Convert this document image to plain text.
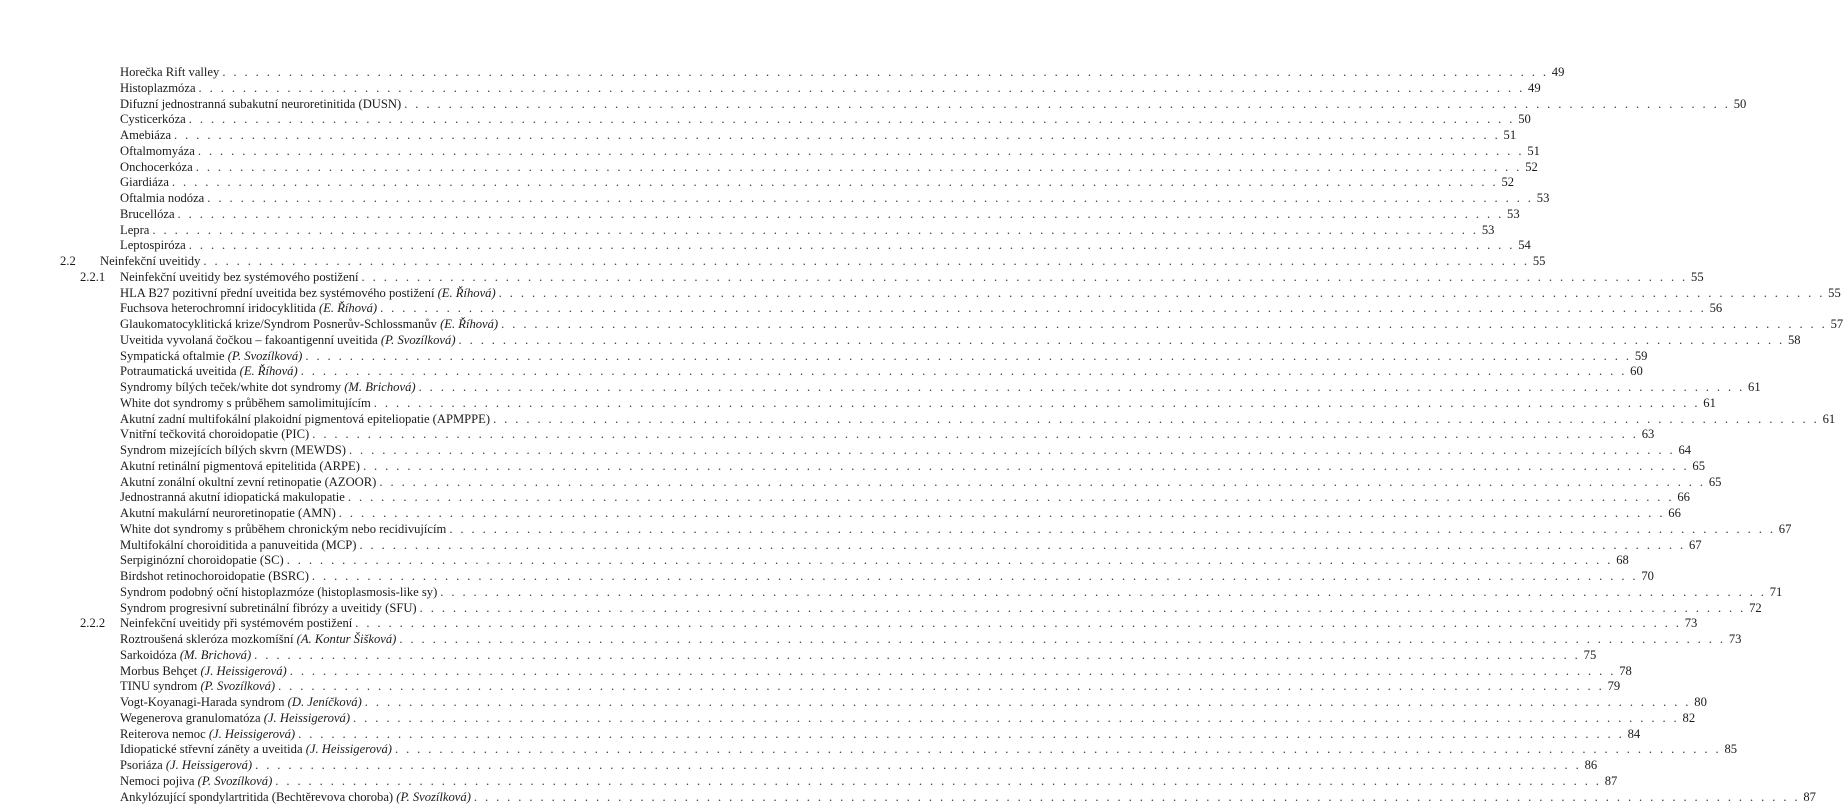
Horečka Rift valley . . . . . . . . . . . . . . . . . . . . . . . . . . . . . . . . . . . . . . . . . . . . . . . . . . . . . . . . . . . . . . . . . . . . . . . . . . . . . . . . . . . . . . . . . . . . . . . . . . . . . . . . . . . . . . . . . . . . . . . . 49
Histoplazmóza . . . . . . . . . . . . . . . . . . . . . . . . . . . . . . . . . . . . . . . . . . . . . . . . . . . . . . . . . . . . . . . . . . . . . . . . . . . . . . . . . . . . . . . . . . . . . . . . . . . . . . . . . . . . . . . . . . . . . . . . 49
Difuzní jednostranná subakutní neuroretinitida (DUSN) . . . . . . . . . . . . . . . . . . . . . . . . . . . . . . . . . . . . . . . . . . . . . . . . . . . . . . . . . . . . . . . . . . . . . . . . . . . . . . . . . . . . . . . . . . . . . . . . . . . . . . . . . . . . . . . . . . . . . . . . 50
Cysticerkóza . . . . . . . . . . . . . . . . . . . . . . . . . . . . . . . . . . . . . . . . . . . . . . . . . . . . . . . . . . . . . . . . . . . . . . . . . . . . . . . . . . . . . . . . . . . . . . . . . . . . . . . . . . . . . . . . . . . . . . . . 50
Amebiáza . . . . . . . . . . . . . . . . . . . . . . . . . . . . . . . . . . . . . . . . . . . . . . . . . . . . . . . . . . . . . . . . . . . . . . . . . . . . . . . . . . . . . . . . . . . . . . . . . . . . . . . . . . . . . . . . . . . . . . . . 51
Oftalmomyáza . . . . . . . . . . . . . . . . . . . . . . . . . . . . . . . . . . . . . . . . . . . . . . . . . . . . . . . . . . . . . . . . . . . . . . . . . . . . . . . . . . . . . . . . . . . . . . . . . . . . . . . . . . . . . . . . . . . . . . . . 51
Onchocerkóza . . . . . . . . . . . . . . . . . . . . . . . . . . . . . . . . . . . . . . . . . . . . . . . . . . . . . . . . . . . . . . . . . . . . . . . . . . . . . . . . . . . . . . . . . . . . . . . . . . . . . . . . . . . . . . . . . . . . . . . . 52
Giardiáza . . . . . . . . . . . . . . . . . . . . . . . . . . . . . . . . . . . . . . . . . . . . . . . . . . . . . . . . . . . . . . . . . . . . . . . . . . . . . . . . . . . . . . . . . . . . . . . . . . . . . . . . . . . . . . . . . . . . . . . . 52
Oftalmia nodóza . . . . . . . . . . . . . . . . . . . . . . . . . . . . . . . . . . . . . . . . . . . . . . . . . . . . . . . . . . . . . . . . . . . . . . . . . . . . . . . . . . . . . . . . . . . . . . . . . . . . . . . . . . . . . . . . . . . . . . . . 53
Brucellóza . . . . . . . . . . . . . . . . . . . . . . . . . . . . . . . . . . . . . . . . . . . . . . . . . . . . . . . . . . . . . . . . . . . . . . . . . . . . . . . . . . . . . . . . . . . . . . . . . . . . . . . . . . . . . . . . . . . . . . . . 53
Lepra . . . . . . . . . . . . . . . . . . . . . . . . . . . . . . . . . . . . . . . . . . . . . . . . . . . . . . . . . . . . . . . . . . . . . . . . . . . . . . . . . . . . . . . . . . . . . . . . . . . . . . . . . . . . . . . . . . . . . . . . 53
Leptospiróza . . . . . . . . . . . . . . . . . . . . . . . . . . . . . . . . . . . . . . . . . . . . . . . . . . . . . . . . . . . . . . . . . . . . . . . . . . . . . . . . . . . . . . . . . . . . . . . . . . . . . . . . . . . . . . . . . . . . . . . . 54
2.2	Neinfekční uveitidy . . . . . . . . . . . . . . . . . . . . . . . . . . . . . . . . . . . . . . . . . . . . . . . . . . . . . . . . . . . . . . . . . . . . . . . . . . . . . . . . . . . . . . . . . . . . . . . . . . . . . . . . . . . . . . . . . . . . . . . . 55
2.2.1	Neinfekční uveitidy bez systémového postižení . . . . . . . . . . . . . . . . . . . . . . . . . . . . . . . . . . . . . . . . . . . . . . . . . . . . . . . . . . . . . . . . . . . . . . . . . . . . . . . . . . . . . . . . . . . . . . . . . . . . . . . . . . . . . . . . . . . . . . . . 55
HLA B27 pozitivní přední uveitida bez systémového postižení (E. Říhová) . . . . . . . . . . . . . . . . . . . . . . . . . . . . . . . . . . . . . . . . . . . . . . . . . . . . . . . . . . . . . . . . . . . . . . . . . . . . . . . . . . . . . . . . . . . . . . . . . . . . . . . . . . . . . . . . . . . . . . . . 55
Fuchsova heterochromní iridocyklitida (E. Říhová) . . . . . . . . . . . . . . . . . . . . . . . . . . . . . . . . . . . . . . . . . . . . . . . . . . . . . . . . . . . . . . . . . . . . . . . . . . . . . . . . . . . . . . . . . . . . . . . . . . . . . . . . . . . . . . . . . . . . . . . . 56
Glaukomatocyklitická krize/Syndrom Posnerův-Schlossmanův (E. Říhová) . . . . . . . . . . . . . . . . . . . . . . . . . . . . . . . . . . . . . . . . . . . . . . . . . . . . . . . . . . . . . . . . . . . . . . . . . . . . . . . . . . . . . . . . . . . . . . . . . . . . . . . . . . . . . . . . . . . . . . . . 57
Uveitida vyvolaná čočkou – fakoantigenní uveitida (P. Svozílková) . . . . . . . . . . . . . . . . . . . . . . . . . . . . . . . . . . . . . . . . . . . . . . . . . . . . . . . . . . . . . . . . . . . . . . . . . . . . . . . . . . . . . . . . . . . . . . . . . . . . . . . . . . . . . . . . . . . . . . . . 58
Sympatická oftalmie (P. Svozílková) . . . . . . . . . . . . . . . . . . . . . . . . . . . . . . . . . . . . . . . . . . . . . . . . . . . . . . . . . . . . . . . . . . . . . . . . . . . . . . . . . . . . . . . . . . . . . . . . . . . . . . . . . . . . . . . . . . . . . . . . 59
Potraumatická uveitida (E. Říhová) . . . . . . . . . . . . . . . . . . . . . . . . . . . . . . . . . . . . . . . . . . . . . . . . . . . . . . . . . . . . . . . . . . . . . . . . . . . . . . . . . . . . . . . . . . . . . . . . . . . . . . . . . . . . . . . . . . . . . . . . 60
Syndromy bílých teček/white dot syndromy (M. Brichová) . . . . . . . . . . . . . . . . . . . . . . . . . . . . . . . . . . . . . . . . . . . . . . . . . . . . . . . . . . . . . . . . . . . . . . . . . . . . . . . . . . . . . . . . . . . . . . . . . . . . . . . . . . . . . . . . . . . . . . . . 61
White dot syndromy s průběhem samolimitujícím . . . . . . . . . . . . . . . . . . . . . . . . . . . . . . . . . . . . . . . . . . . . . . . . . . . . . . . . . . . . . . . . . . . . . . . . . . . . . . . . . . . . . . . . . . . . . . . . . . . . . . . . . . . . . . . . . . . . . . . . 61
Akutní zadní multifokální plakoidní pigmentová epiteliopatie (APMPPE) . . . . . . . . . . . . . . . . . . . . . . . . . . . . . . . . . . . . . . . . . . . . . . . . . . . . . . . . . . . . . . . . . . . . . . . . . . . . . . . . . . . . . . . . . . . . . . . . . . . . . . . . . . . . . . . . . . . . . . . . 61
Vnitřní tečkovitá choroidopatie (PIC) . . . . . . . . . . . . . . . . . . . . . . . . . . . . . . . . . . . . . . . . . . . . . . . . . . . . . . . . . . . . . . . . . . . . . . . . . . . . . . . . . . . . . . . . . . . . . . . . . . . . . . . . . . . . . . . . . . . . . . . . 63
Syndrom mizejících bílých skvrn (MEWDS) . . . . . . . . . . . . . . . . . . . . . . . . . . . . . . . . . . . . . . . . . . . . . . . . . . . . . . . . . . . . . . . . . . . . . . . . . . . . . . . . . . . . . . . . . . . . . . . . . . . . . . . . . . . . . . . . . . . . . . . . 64
Akutní retinální pigmentová epitelitida (ARPE) . . . . . . . . . . . . . . . . . . . . . . . . . . . . . . . . . . . . . . . . . . . . . . . . . . . . . . . . . . . . . . . . . . . . . . . . . . . . . . . . . . . . . . . . . . . . . . . . . . . . . . . . . . . . . . . . . . . . . . . . 65
Akutní zonální okultní zevní retinopatie (AZOOR) . . . . . . . . . . . . . . . . . . . . . . . . . . . . . . . . . . . . . . . . . . . . . . . . . . . . . . . . . . . . . . . . . . . . . . . . . . . . . . . . . . . . . . . . . . . . . . . . . . . . . . . . . . . . . . . . . . . . . . . . 65
Jednostranná akutní idiopatická makulopatie . . . . . . . . . . . . . . . . . . . . . . . . . . . . . . . . . . . . . . . . . . . . . . . . . . . . . . . . . . . . . . . . . . . . . . . . . . . . . . . . . . . . . . . . . . . . . . . . . . . . . . . . . . . . . . . . . . . . . . . . 66
Akutní makulární neuroretinopatie (AMN) . . . . . . . . . . . . . . . . . . . . . . . . . . . . . . . . . . . . . . . . . . . . . . . . . . . . . . . . . . . . . . . . . . . . . . . . . . . . . . . . . . . . . . . . . . . . . . . . . . . . . . . . . . . . . . . . . . . . . . . . 66
White dot syndromy s průběhem chronickým nebo recidivujícím . . . . . . . . . . . . . . . . . . . . . . . . . . . . . . . . . . . . . . . . . . . . . . . . . . . . . . . . . . . . . . . . . . . . . . . . . . . . . . . . . . . . . . . . . . . . . . . . . . . . . . . . . . . . . . . . . . . . . . . . 67
Multifokální choroiditida a panuveitida (MCP) . . . . . . . . . . . . . . . . . . . . . . . . . . . . . . . . . . . . . . . . . . . . . . . . . . . . . . . . . . . . . . . . . . . . . . . . . . . . . . . . . . . . . . . . . . . . . . . . . . . . . . . . . . . . . . . . . . . . . . . . 67
Serpiginózní choroidopatie (SC) . . . . . . . . . . . . . . . . . . . . . . . . . . . . . . . . . . . . . . . . . . . . . . . . . . . . . . . . . . . . . . . . . . . . . . . . . . . . . . . . . . . . . . . . . . . . . . . . . . . . . . . . . . . . . . . . . . . . . . . . 68
Birdshot retinochoroidopatie (BSRC) . . . . . . . . . . . . . . . . . . . . . . . . . . . . . . . . . . . . . . . . . . . . . . . . . . . . . . . . . . . . . . . . . . . . . . . . . . . . . . . . . . . . . . . . . . . . . . . . . . . . . . . . . . . . . . . . . . . . . . . . 70
Syndrom podobný oční histoplazmóze (histoplasmosis-like sy) . . . . . . . . . . . . . . . . . . . . . . . . . . . . . . . . . . . . . . . . . . . . . . . . . . . . . . . . . . . . . . . . . . . . . . . . . . . . . . . . . . . . . . . . . . . . . . . . . . . . . . . . . . . . . . . . . . . . . . . . 71
Syndrom progresivní subretinální fibrózy a uveitidy (SFU) . . . . . . . . . . . . . . . . . . . . . . . . . . . . . . . . . . . . . . . . . . . . . . . . . . . . . . . . . . . . . . . . . . . . . . . . . . . . . . . . . . . . . . . . . . . . . . . . . . . . . . . . . . . . . . . . . . . . . . . . 72
2.2.2	Neinfekční uveitidy při systémovém postižení . . . . . . . . . . . . . . . . . . . . . . . . . . . . . . . . . . . . . . . . . . . . . . . . . . . . . . . . . . . . . . . . . . . . . . . . . . . . . . . . . . . . . . . . . . . . . . . . . . . . . . . . . . . . . . . . . . . . . . . . 73
Roztroušená skleróza mozkomíšní (A. Kontur Šišková) . . . . . . . . . . . . . . . . . . . . . . . . . . . . . . . . . . . . . . . . . . . . . . . . . . . . . . . . . . . . . . . . . . . . . . . . . . . . . . . . . . . . . . . . . . . . . . . . . . . . . . . . . . . . . . . . . . . . . . . . 73
Sarkoidóza (M. Brichová) . . . . . . . . . . . . . . . . . . . . . . . . . . . . . . . . . . . . . . . . . . . . . . . . . . . . . . . . . . . . . . . . . . . . . . . . . . . . . . . . . . . . . . . . . . . . . . . . . . . . . . . . . . . . . . . . . . . . . . . . 75
Morbus Behçet (J. Heissigerová) . . . . . . . . . . . . . . . . . . . . . . . . . . . . . . . . . . . . . . . . . . . . . . . . . . . . . . . . . . . . . . . . . . . . . . . . . . . . . . . . . . . . . . . . . . . . . . . . . . . . . . . . . . . . . . . . . . . . . . . . 78
TINU syndrom (P. Svozílková) . . . . . . . . . . . . . . . . . . . . . . . . . . . . . . . . . . . . . . . . . . . . . . . . . . . . . . . . . . . . . . . . . . . . . . . . . . . . . . . . . . . . . . . . . . . . . . . . . . . . . . . . . . . . . . . . . . . . . . . . 79
Vogt-Koyanagi-Harada syndrom (D. Jeníčková) . . . . . . . . . . . . . . . . . . . . . . . . . . . . . . . . . . . . . . . . . . . . . . . . . . . . . . . . . . . . . . . . . . . . . . . . . . . . . . . . . . . . . . . . . . . . . . . . . . . . . . . . . . . . . . . . . . . . . . . . 80
Wegenerova granulomatóza (J. Heissigerová) . . . . . . . . . . . . . . . . . . . . . . . . . . . . . . . . . . . . . . . . . . . . . . . . . . . . . . . . . . . . . . . . . . . . . . . . . . . . . . . . . . . . . . . . . . . . . . . . . . . . . . . . . . . . . . . . . . . . . . . . 82
Reiterova nemoc (J. Heissigerová) . . . . . . . . . . . . . . . . . . . . . . . . . . . . . . . . . . . . . . . . . . . . . . . . . . . . . . . . . . . . . . . . . . . . . . . . . . . . . . . . . . . . . . . . . . . . . . . . . . . . . . . . . . . . . . . . . . . . . . . . 84
Idiopatické střevní záněty a uveitida (J. Heissigerová) . . . . . . . . . . . . . . . . . . . . . . . . . . . . . . . . . . . . . . . . . . . . . . . . . . . . . . . . . . . . . . . . . . . . . . . . . . . . . . . . . . . . . . . . . . . . . . . . . . . . . . . . . . . . . . . . . . . . . . . . 85
Psoriáza (J. Heissigerová) . . . . . . . . . . . . . . . . . . . . . . . . . . . . . . . . . . . . . . . . . . . . . . . . . . . . . . . . . . . . . . . . . . . . . . . . . . . . . . . . . . . . . . . . . . . . . . . . . . . . . . . . . . . . . . . . . . . . . . . . 86
Nemoci pojiva (P. Svozílková) . . . . . . . . . . . . . . . . . . . . . . . . . . . . . . . . . . . . . . . . . . . . . . . . . . . . . . . . . . . . . . . . . . . . . . . . . . . . . . . . . . . . . . . . . . . . . . . . . . . . . . . . . . . . . . . . . . . . . . . . 87
Ankylózující spondylartritida (Bechtěrevova choroba) (P. Svozílková) . . . . . . . . . . . . . . . . . . . . . . . . . . . . . . . . . . . . . . . . . . . . . . . . . . . . . . . . . . . . . . . . . . . . . . . . . . . . . . . . . . . . . . . . . . . . . . . . . . . . . . . . . . . . . . . . . . . . . . . . 87
